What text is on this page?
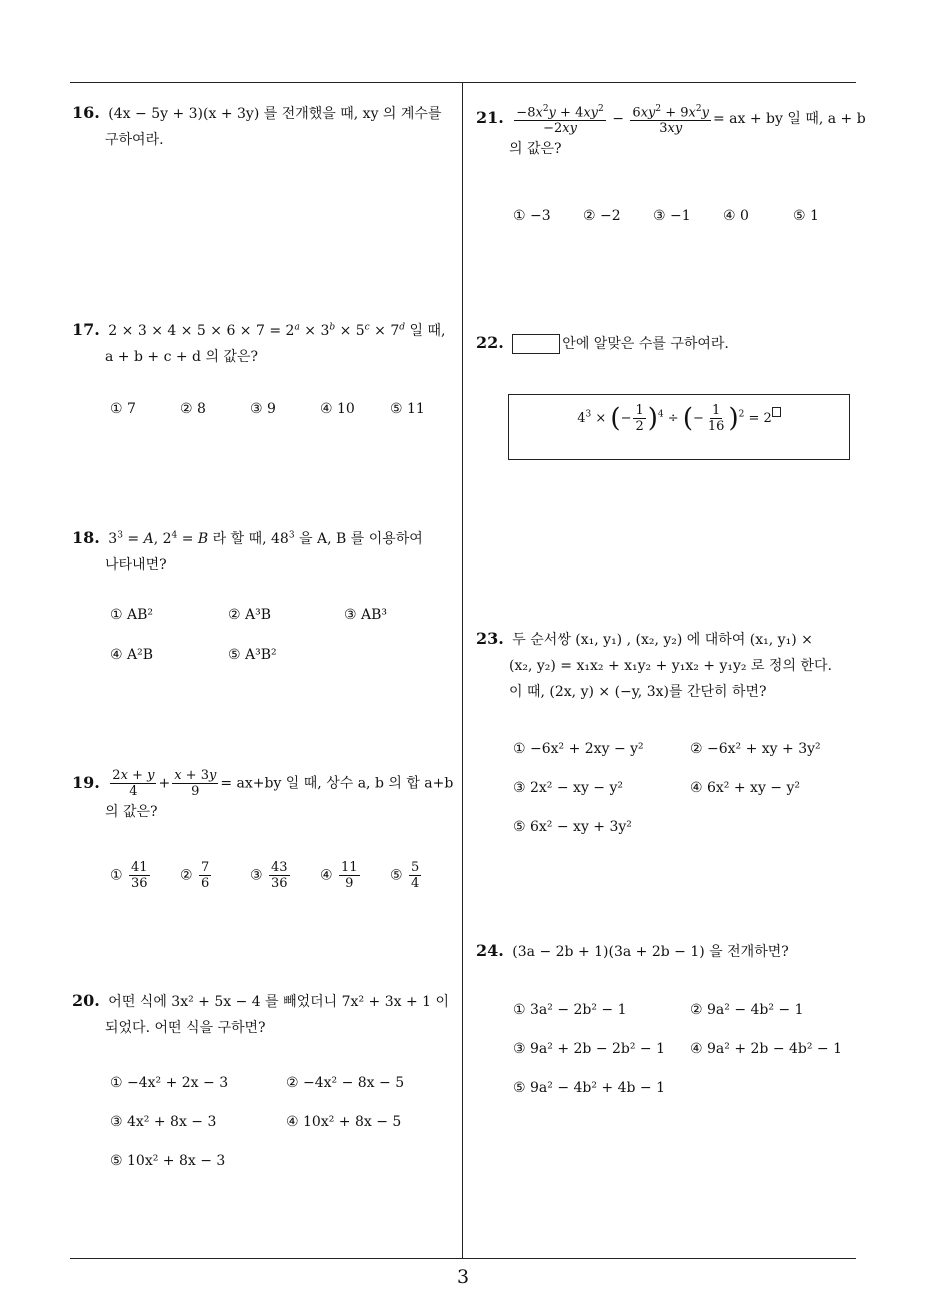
16. (4x − 5y + 3)(x + 3y) 를 전개했을 때, xy 의 계수를
구하여라.
17. $2 \times 3 \times 4 \times 5 \times 6 \times 7 = 2^a \times 3^b \times 5^c \times 7^d$ 일 때,
a + b + c + d 의 값은?
① 7	② 8	③ 9	④ 10	⑤ 11
18. $3^3 = A$, $2^4 = B$ 라 할 때, $48^3$ 을 A, B 를 이용하여
나타내면?
① AB²	② A³B	③ AB³
④ A²B	⑤ A³B²
19. $\frac{2x + y}{4} + \frac{x + 3y}{9} = ax+by$ 일 때, 상수 a, b 의 합 a+b
의 값은?
① $\frac{41}{36}$ ② $\frac{7}{6}$	③ $\frac{43}{36}$ ④ $\frac{11}{9}$ ⑤ $\frac{5}{4}$
20. 어떤 식에 3x² + 5x − 4 를 빼었더니 7x² + 3x + 1 이
되었다. 어떤 식을 구하면?
① −4x² + 2x − 3	② −4x² − 8x − 5
③ 4x² + 8x − 3	④ 10x² + 8x − 5
⑤ 10x² + 8x − 3
21. $\frac{-8x^2y + 4xy^2}{-2xy} - \frac{6xy^2 + 9x^2y}{3xy}$ = ax + by 일 때, a + b
의 값은?
① −3 ② −2 ③ −1 ④ 0	⑤ 1
22.	안에 알맞은 수를 구하여라.
$4^3$ × (− $\frac{1}{2} )^4$ ÷ (− $\frac{1}{16} )^2 = 2$
23. 두 순서쌍 (x₁, y₁) , (x₂, y₂) 에 대하여 (x₁, y₁) ×
(x₂, y₂) = x₁x₂ + x₁y₂ + y₁x₂ + y₁y₂ 로 정의 한다.
이 때, (2x, y) × (−y, 3x)를 간단히 하면?
① −6x² + 2xy − y²	② −6x² + xy + 3y²
③ 2x² − xy − y²	④ 6x² + xy − y²
⑤ 6x² − xy + 3y²
24. (3a − 2b + 1)(3a + 2b − 1) 을 전개하면?
① 3a² − 2b² − 1	② 9a² − 4b² − 1
③ 9a² + 2b − 2b² − 1 ④ 9a² + 2b − 4b² − 1
⑤ 9a² − 4b² + 4b − 1
3
